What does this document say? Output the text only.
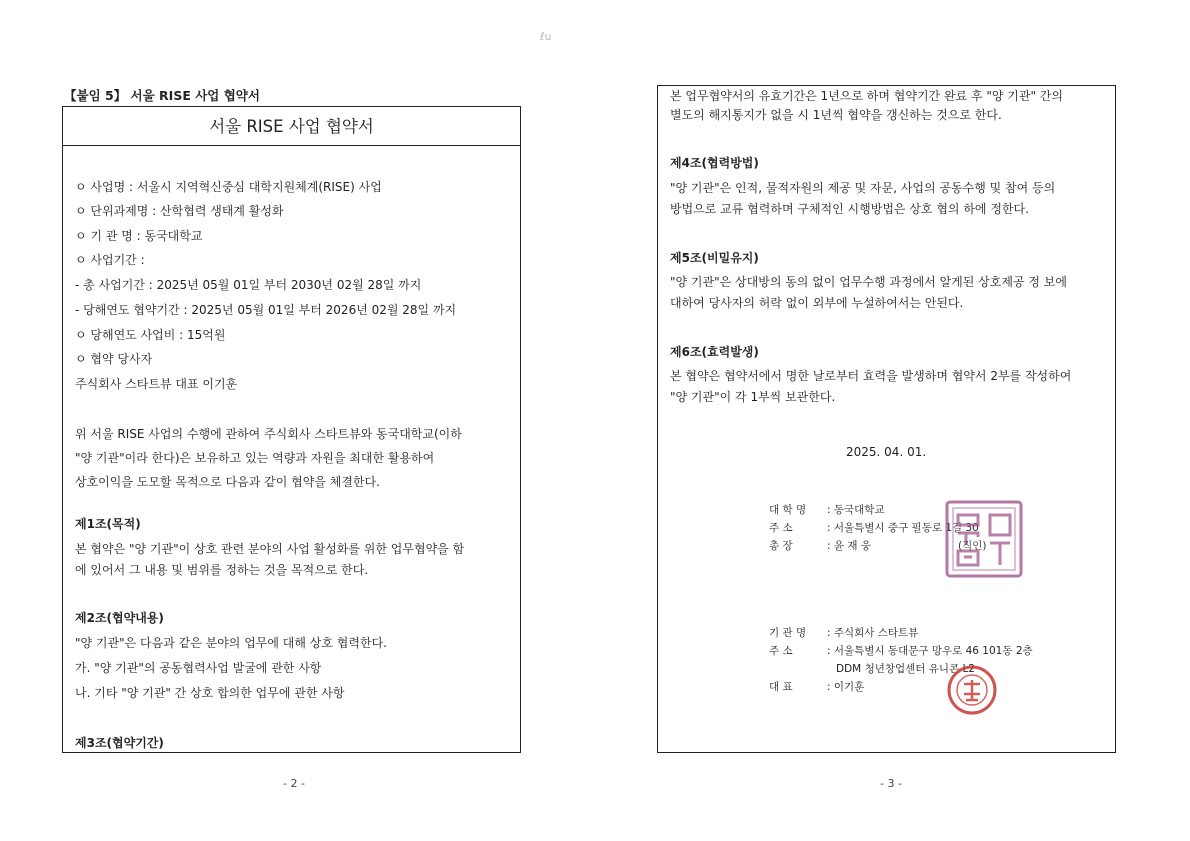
ℓu
【붙임 5】 서울 RISE 사업 협약서
서울 RISE 사업 협약서
ㅇ 사업명 : 서울시 지역혁신중심 대학지원체계(RISE) 사업
ㅇ 단위과제명 : 산학협력 생태계 활성화
ㅇ 기 관 명 : 동국대학교
ㅇ 사업기간 :
- 총 사업기간 : 2025년 05월 01일 부터 2030년 02월 28일 까지
- 당해연도 협약기간 : 2025년 05월 01일 부터 2026년 02월 28일 까지
ㅇ 당해연도 사업비 : 15억원
ㅇ 협약 당사자
주식회사 스타트뷰 대표 이기훈
위 서울 RISE 사업의 수행에 관하여 주식회사 스타트뷰와 동국대학교(이하
"양 기관"이라 한다)은 보유하고 있는 역량과 자원을 최대한 활용하여
상호이익을 도모할 목적으로 다음과 같이 협약을 체결한다.
제1조(목적)
본 협약은 "양 기관"이 상호 관련 분야의 사업 활성화를 위한 업무협약을 함
에 있어서 그 내용 및 범위를 정하는 것을 목적으로 한다.
제2조(협약내용)
"양 기관"은 다음과 같은 분야의 업무에 대해 상호 협력한다.
가. "양 기관"의 공동협력사업 발굴에 관한 사항
나. 기타 "양 기관" 간 상호 합의한 업무에 관한 사항
제3조(협약기간)
- 2 -
본 업무협약서의 유효기간은 1년으로 하며 협약기간 완료 후 "양 기관" 간의
별도의 해지통지가 없을 시 1년씩 협약을 갱신하는 것으로 한다.
제4조(협력방법)
"양 기관"은 인적, 물적자원의 제공 및 자문, 사업의 공동수행 및 참여 등의
방법으로 교류 협력하며 구체적인 시행방법은 상호 협의 하에 정한다.
제5조(비밀유지)
"양 기관"은 상대방의 동의 없이 업무수행 과정에서 알게된 상호제공 정 보에
대하여 당사자의 허락 없이 외부에 누설하여서는 안된다.
제6조(효력발생)
본 협약은 협약서에서 명한 날로부터 효력을 발생하며 협약서 2부를 작성하여
"양 기관"이 각 1부씩 보관한다.
2025. 04. 01.
대 학 명 : 동국대학교
주 소	: 서울특별시 중구 필동로 1길 30
총 장	: 윤 재 웅	(직인)
기 관 명 : 주식회사 스타트뷰
주 소	: 서울특별시 동대문구 망우로 46 101동 2층
DDM 청년창업센터 유니콘 L2
대 표	: 이기훈
- 3 -
